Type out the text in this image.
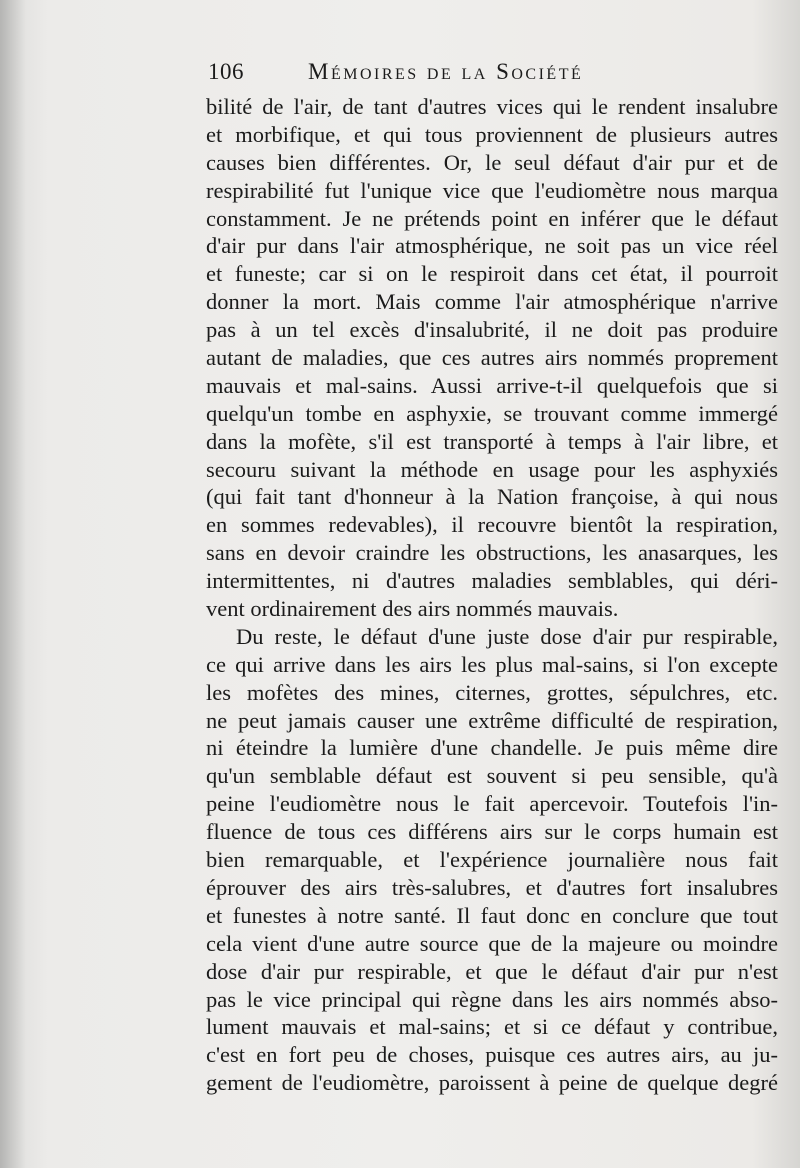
106	Mémoires de la Société
bilité de l'air, de tant d'autres vices qui le rendent insalubre
et morbifique, et qui tous proviennent de plusieurs autres
causes bien différentes. Or, le seul défaut d'air pur et de
respirabilité fut l'unique vice que l'eudiomètre nous marqua
constamment. Je ne prétends point en inférer que le défaut
d'air pur dans l'air atmosphérique, ne soit pas un vice réel
et funeste; car si on le respiroit dans cet état, il pourroit
donner la mort. Mais comme l'air atmosphérique n'arrive
pas à un tel excès d'insalubrité, il ne doit pas produire
autant de maladies, que ces autres airs nommés proprement
mauvais et mal-sains. Aussi arrive-t-il quelquefois que si
quelqu'un tombe en asphyxie, se trouvant comme immergé
dans la mofète, s'il est transporté à temps à l'air libre, et
secouru suivant la méthode en usage pour les asphyxiés
(qui fait tant d'honneur à la Nation françoise, à qui nous
en sommes redevables), il recouvre bientôt la respiration,
sans en devoir craindre les obstructions, les anasarques, les
intermittentes, ni d'autres maladies semblables, qui déri-
vent ordinairement des airs nommés mauvais.
Du reste, le défaut d'une juste dose d'air pur respirable,
ce qui arrive dans les airs les plus mal-sains, si l'on excepte
les mofètes des mines, citernes, grottes, sépulchres, etc.
ne peut jamais causer une extrême difficulté de respiration,
ni éteindre la lumière d'une chandelle. Je puis même dire
qu'un semblable défaut est souvent si peu sensible, qu'à
peine l'eudiomètre nous le fait apercevoir. Toutefois l'in-
fluence de tous ces différens airs sur le corps humain est
bien remarquable, et l'expérience journalière nous fait
éprouver des airs très-salubres, et d'autres fort insalubres
et funestes à notre santé. Il faut donc en conclure que tout
cela vient d'une autre source que de la majeure ou moindre
dose d'air pur respirable, et que le défaut d'air pur n'est
pas le vice principal qui règne dans les airs nommés abso-
lument mauvais et mal-sains; et si ce défaut y contribue,
c'est en fort peu de choses, puisque ces autres airs, au ju-
gement de l'eudiomètre, paroissent à peine de quelque degré
